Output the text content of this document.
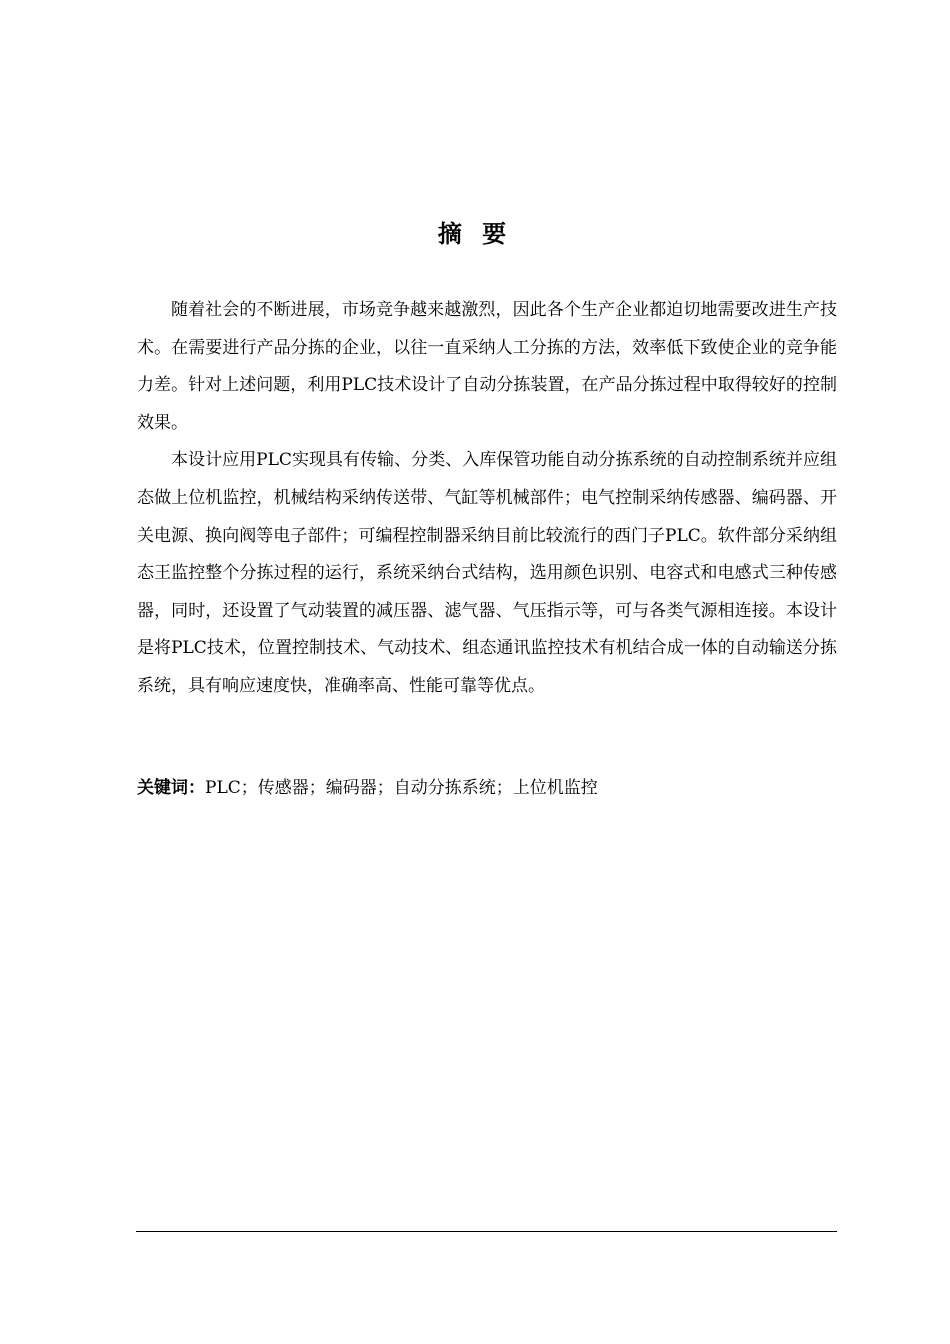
摘 要

随着社会的不断进展，市场竞争越来越激烈，因此各个生产企业都迫切地需要改进生产技术。在需要进行产品分拣的企业，以往一直采纳人工分拣的方法，效率低下致使企业的竞争能力差。针对上述问题，利用PLC技术设计了自动分拣装置，在产品分拣过程中取得较好的控制效果。

本设计应用PLC实现具有传输、分类、入库保管功能自动分拣系统的自动控制系统并应组态做上位机监控，机械结构采纳传送带、气缸等机械部件；电气控制采纳传感器、编码器、开关电源、换向阀等电子部件；可编程控制器采纳目前比较流行的西门子PLC。软件部分采纳组态王监控整个分拣过程的运行，系统采纳台式结构，选用颜色识别、电容式和电感式三种传感器，同时，还设置了气动装置的减压器、滤气器、气压指示等，可与各类气源相连接。本设计是将PLC技术，位置控制技术、气动技术、组态通讯监控技术有机结合成一体的自动输送分拣系统，具有响应速度快，准确率高、性能可靠等优点。

关键词：PLC；传感器；编码器；自动分拣系统；上位机监控
